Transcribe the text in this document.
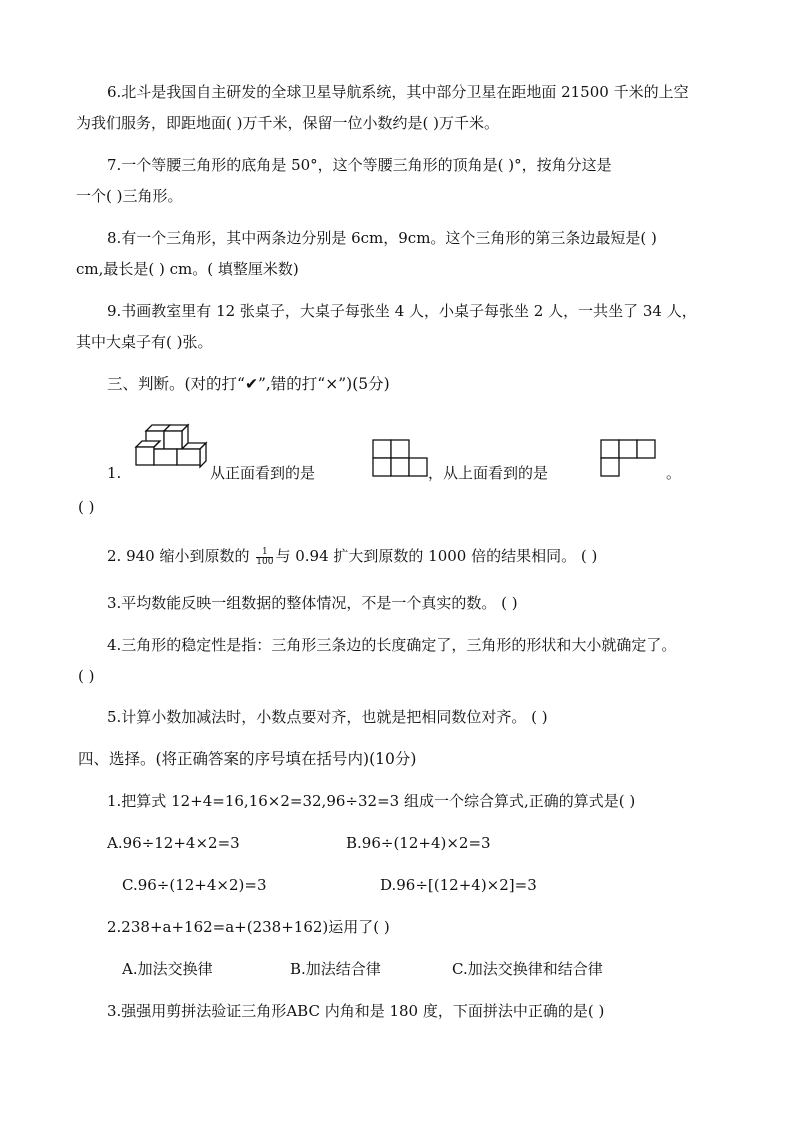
6.北斗是我国自主研发的全球卫星导航系统，其中部分卫星在距地面 21500 千米的上空
为我们服务，即距地面( )万千米，保留一位小数约是( )万千米。
7.一个等腰三角形的底角是 50°，这个等腰三角形的顶角是( )°，按角分这是
一个( )三角形。
8.有一个三角形，其中两条边分别是 6cm，9cm。这个三角形的第三条边最短是( )
cm,最长是( ) cm。( 填整厘米数)
9.书画教室里有 12 张桌子，大桌子每张坐 4 人，小桌子每张坐 2 人，一共坐了 34 人，
其中大桌子有( )张。
三、判断。(对的打“✔”,错的打“×”)(5分)
1.	从正面看到的是	，从上面看到的是	。
( )
2. 940 缩小到原数的 $\frac{1}{100}$ 与 0.94 扩大到原数的 1000 倍的结果相同。 ( )
3.平均数能反映一组数据的整体情况，不是一个真实的数。 ( )
4.三角形的稳定性是指：三角形三条边的长度确定了，三角形的形状和大小就确定了。
( )
5.计算小数加减法时，小数点要对齐，也就是把相同数位对齐。 ( )
四、选择。(将正确答案的序号填在括号内)(10分)
1.把算式 12+4=16,16×2=32,96÷32=3 组成一个综合算式,正确的算式是( )
A.96÷12+4×2=3	B.96÷(12+4)×2=3
C.96÷(12+4×2)=3	D.96÷[(12+4)×2]=3
2.238+a+162=a+(238+162)运用了( )
A.加法交换律	B.加法结合律	C.加法交换律和结合律
3.强强用剪拼法验证三角形ABC 内角和是 180 度，下面拼法中正确的是( )
